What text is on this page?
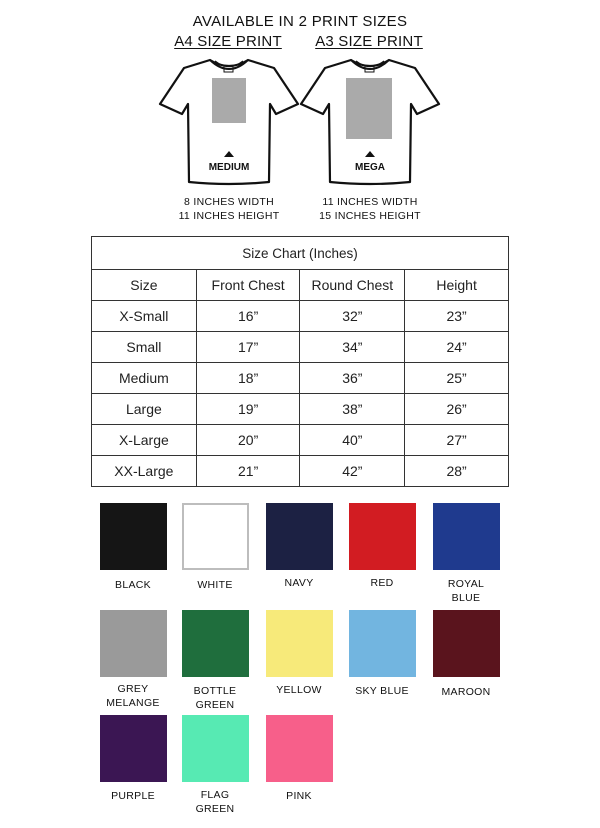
AVAILABLE IN 2 PRINT SIZES
A4 SIZE PRINT	A3 SIZE PRINT
MEDIUM	MEGA
8 INCHES WIDTH
11 INCHES HEIGHT
11 INCHES WIDTH
15 INCHES HEIGHT
Size Chart (Inches)			
Size	Front Chest	Round Chest	Height
X-Small	16”	32”	23”
Small	17”	34”	24”
Medium	18”	36”	25”
Large	19”	38”	26”
X-Large	20”	40”	27”
XX-Large	21”	42”	28”
BLACK	WHITE	NAVY	RED	ROYAL
BLUE
GREY
MELANGE
BOTTLE
GREEN
YELLOW	SKY BLUE	MAROON
PURPLE	FLAG
GREEN
PINK
